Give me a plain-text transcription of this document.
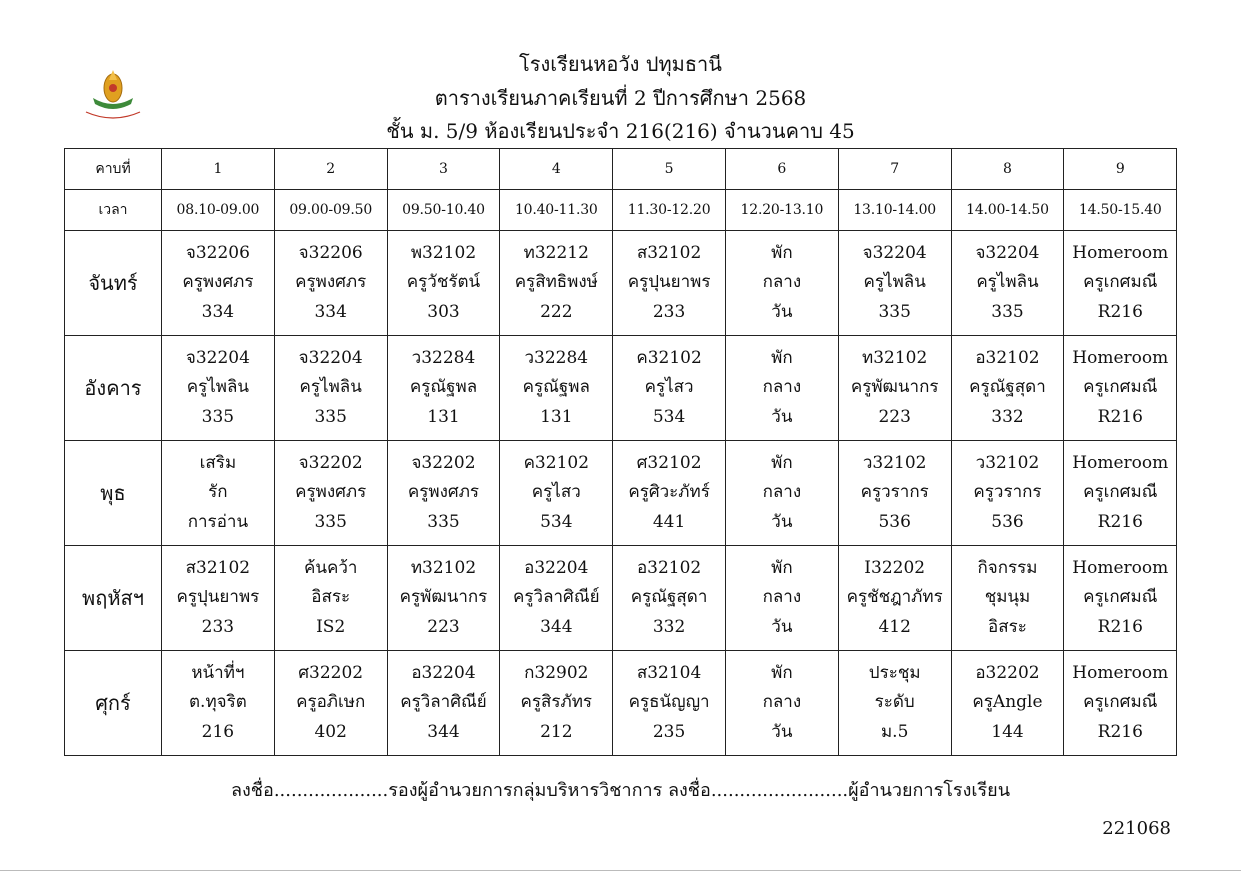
โรงเรียนหอวัง ปทุมธานี
ตารางเรียนภาคเรียนที่ 2 ปีการศึกษา 2568
ชั้น ม. 5/9 ห้องเรียนประจำ 216(216) จำนวนคาบ 45
คาบที่	1	2	3	4	5	6	7	8	9
เวลา	08.10-09.00	09.00-09.50	09.50-10.40	10.40-11.30	11.30-12.20	12.20-13.10	13.10-14.00	14.00-14.50	14.50-15.40
จันทร์	จ32206
ครูพงศภร
334	จ32206
ครูพงศภร
334	พ32102
ครูวัชรัตน์
303	ท32212
ครูสิทธิพงษ์
222	ส32102
ครูปุนยาพร
233	พัก
กลาง
วัน	จ32204
ครูไพลิน
335	จ32204
ครูไพลิน
335	Homeroom
ครูเกศมณี
R216

อังคาร	จ32204
ครูไพลิน
335	จ32204
ครูไพลิน
335	ว32284
ครูณัฐพล
131	ว32284
ครูณัฐพล
131	ค32102
ครูไสว
534	พัก
กลาง
วัน	ท32102
ครูพัฒนากร
223	อ32102
ครูณัฐสุดา
332	Homeroom
ครูเกศมณี
R216

พุธ	เสริม
รัก
การอ่าน	จ32202
ครูพงศภร
335	จ32202
ครูพงศภร
335	ค32102
ครูไสว
534	ศ32102
ครูศิวะภัทร์
441	พัก
กลาง
วัน	ว32102
ครูวรากร
536	ว32102
ครูวรากร
536	Homeroom
ครูเกศมณี
R216

พฤหัสฯ	ส32102
ครูปุนยาพร
233	ค้นคว้า
อิสระ
IS2	ท32102
ครูพัฒนากร
223	อ32204
ครูวิลาศิณีย์
344	อ32102
ครูณัฐสุดา
332	พัก
กลาง
วัน	I32202
ครูชัชฎาภัทร
412	กิจกรรม
ชุมนุม
อิสระ	Homeroom
ครูเกศมณี
R216

ศุกร์	หน้าที่ฯ
ต.ทุจริต
216	ศ32202
ครูอภิเษก
402	อ32204
ครูวิลาศิณีย์
344	ก32902
ครูสิรภัทร
212	ส32104
ครูธนัญญา
235	พัก
กลาง
วัน	ประชุม
ระดับ
ม.5	อ32202
ครูAngle
144	Homeroom
ครูเกศมณี
R216
ลงชื่อ....................รองผู้อำนวยการกลุ่มบริหารวิชาการ ลงชื่อ........................ผู้อำนวยการโรงเรียน
221068
